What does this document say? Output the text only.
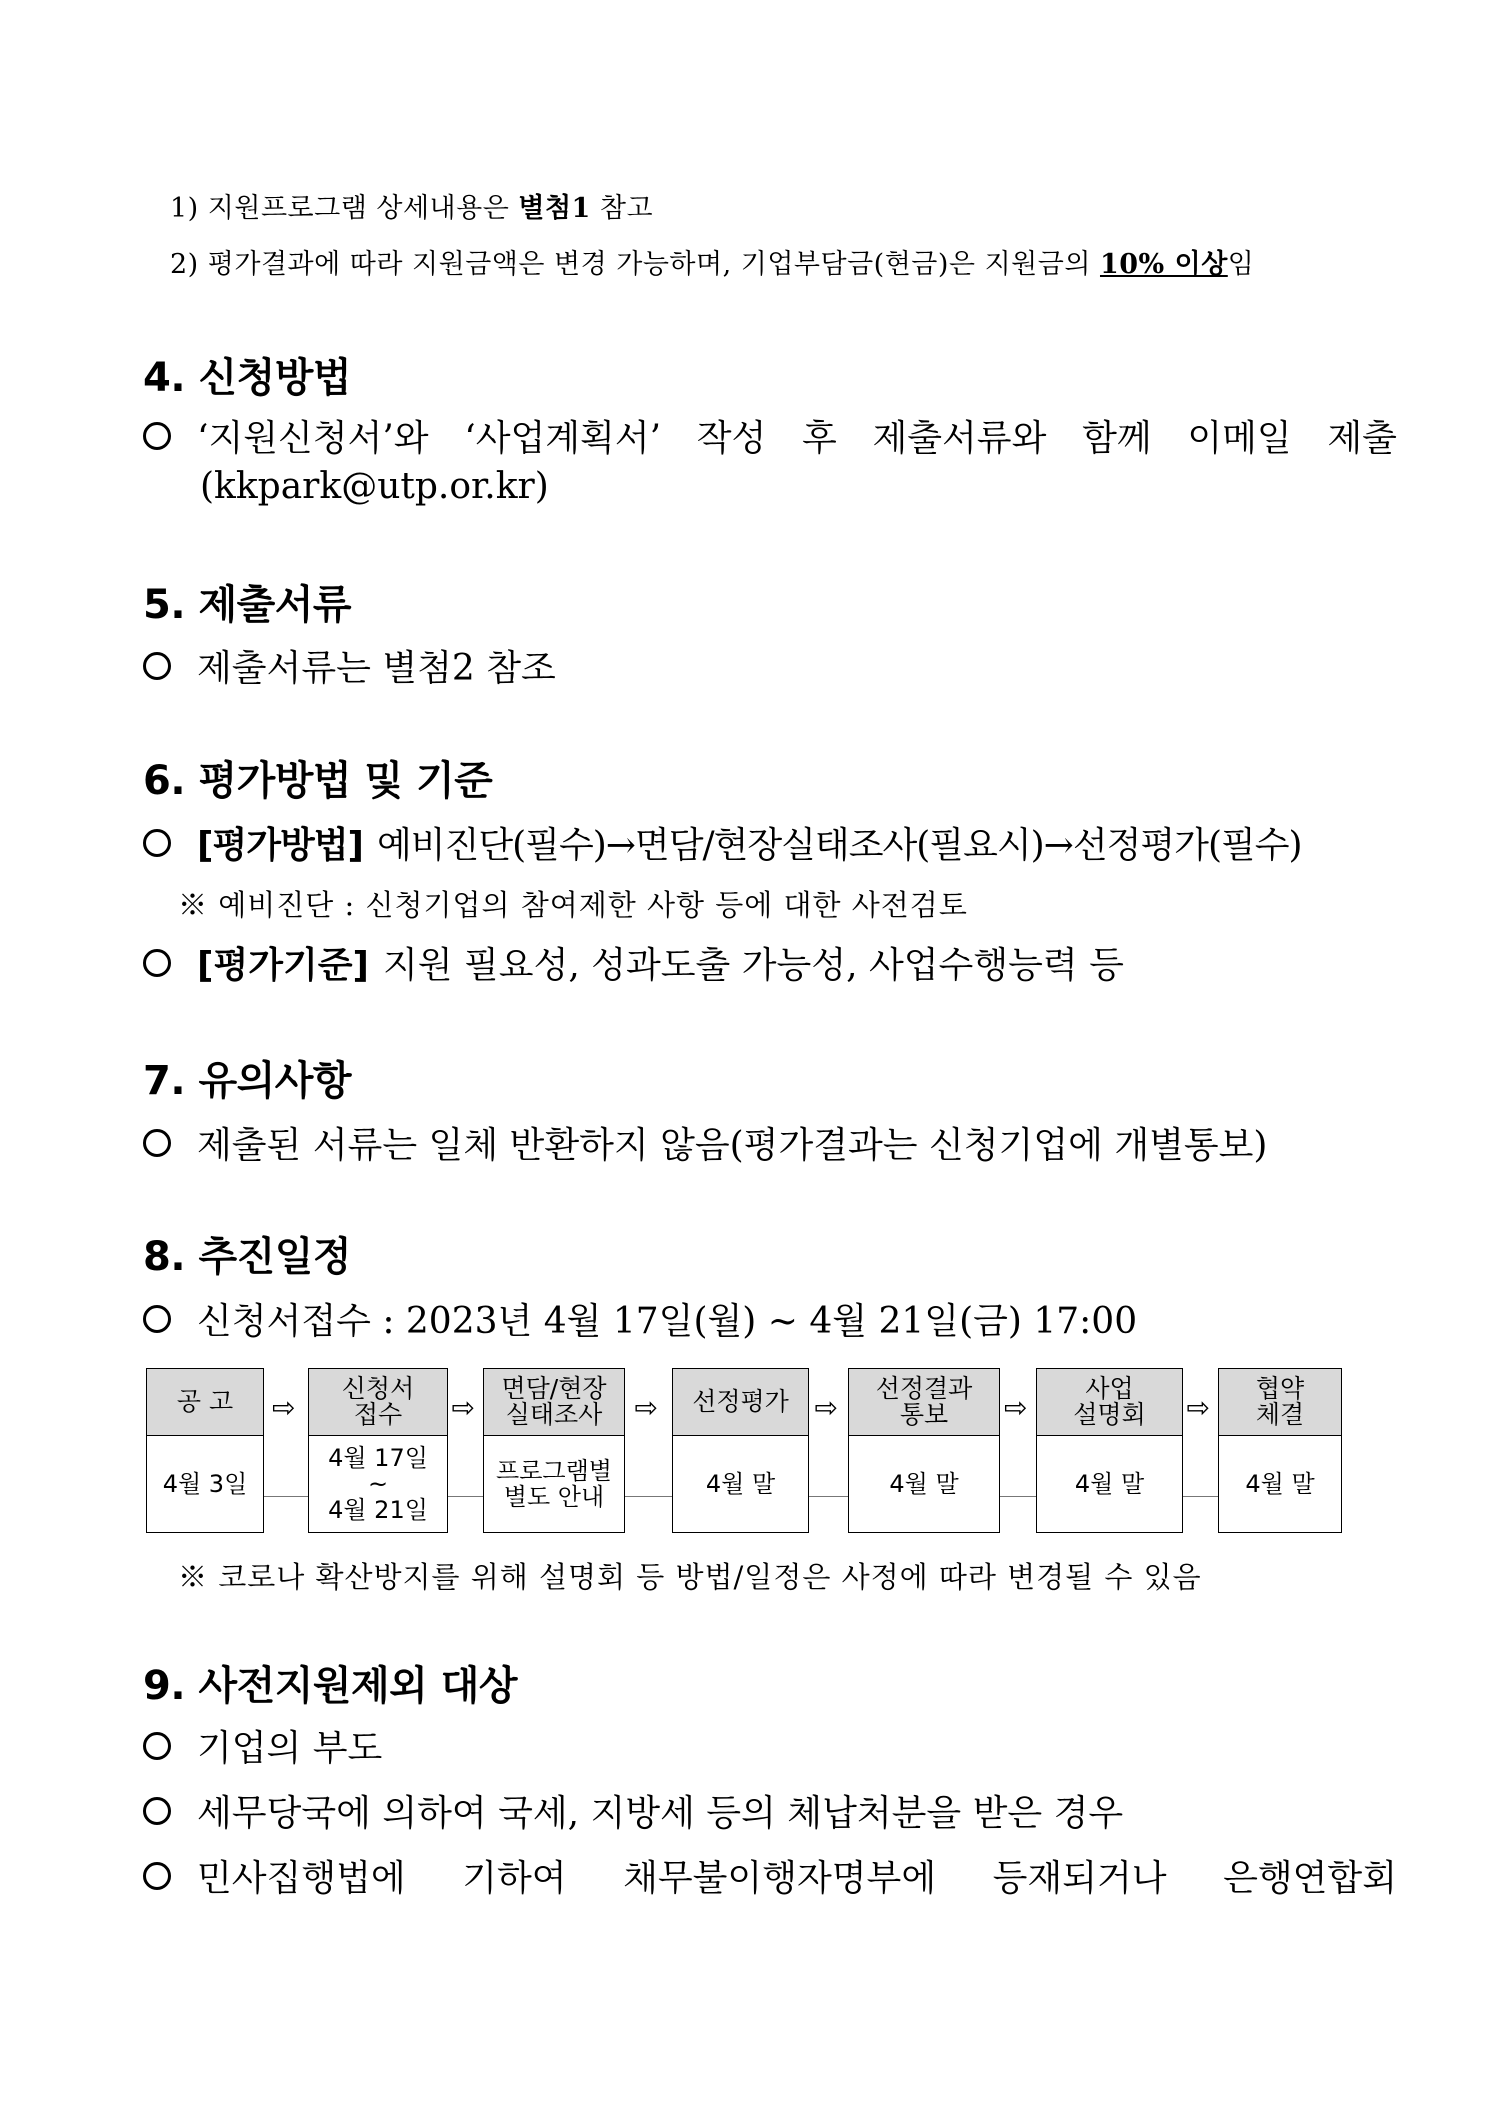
1) 지원프로그램 상세내용은 별첨1 참고
2) 평가결과에 따라 지원금액은 변경 가능하며, 기업부담금(현금)은 지원금의 10% 이상임
4. 신청방법
‘지원신청서’와 ‘사업계획서’ 작성 후 제출서류와 함께 이메일 제출
(kkpark@utp.or.kr)
5. 제출서류
제출서류는 별첨2 참조
6. 평가방법 및 기준
[평가방법] 예비진단(필수)→면담/현장실태조사(필요시)→선정평가(필수)
※ 예비진단 : 신청기업의 참여제한 사항 등에 대한 사전검토
[평가기준] 지원 필요성, 성과도출 가능성, 사업수행능력 등
7. 유의사항
제출된 서류는 일체 반환하지 않음(평가결과는 신청기업에 개별통보)
8. 추진일정
신청서접수 : 2023년 4월 17일(월) ~ 4월 21일(금) 17:00
공 고
4월 3일
⇨
신청서
접수
4월 17일
~
4월 21일
⇨
면담/현장
실태조사
프로그램별
별도 안내
⇨	선정평가
4월 말
⇨
선정결과
통보
4월 말
⇨
사업
설명회
4월 말
⇨
협약
체결
4월 말
※ 코로나 확산방지를 위해 설명회 등 방법/일정은 사정에 따라 변경될 수 있음
9. 사전지원제외 대상
기업의 부도
세무당국에 의하여 국세, 지방세 등의 체납처분을 받은 경우
민사집행법에 기하여 채무불이행자명부에 등재되거나 은행연합회
